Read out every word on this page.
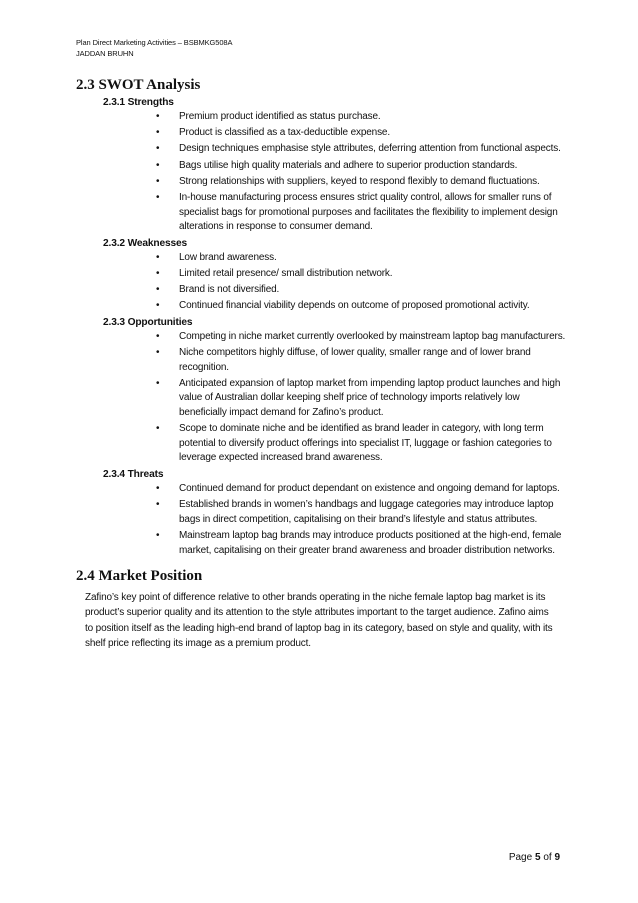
Plan Direct Marketing Activities – BSBMKG508A
JADDAN BRUHN
2.3 SWOT Analysis
2.3.1 Strengths
• Premium product identified as status purchase.
• Product is classified as a tax-deductible expense.
• Design techniques emphasise style attributes, deferring attention from functional aspects.
• Bags utilise high quality materials and adhere to superior production standards.
• Strong relationships with suppliers, keyed to respond flexibly to demand fluctuations.
• In-house manufacturing process ensures strict quality control, allows for smaller runs of specialist bags for promotional purposes and facilitates the flexibility to implement design alterations in response to consumer demand.
2.3.2 Weaknesses
• Low brand awareness.
• Limited retail presence/ small distribution network.
• Brand is not diversified.
• Continued financial viability depends on outcome of proposed promotional activity.
2.3.3 Opportunities
• Competing in niche market currently overlooked by mainstream laptop bag manufacturers.
• Niche competitors highly diffuse, of lower quality, smaller range and of lower brand recognition.
• Anticipated expansion of laptop market from impending laptop product launches and high value of Australian dollar keeping shelf price of technology imports relatively low beneficially impact demand for Zafino’s product.
• Scope to dominate niche and be identified as brand leader in category, with long term potential to diversify product offerings into specialist IT, luggage or fashion categories to leverage expected increased brand awareness.
2.3.4 Threats
• Continued demand for product dependant on existence and ongoing demand for laptops.
• Established brands in women’s handbags and luggage categories may introduce laptop bags in direct competition, capitalising on their brand’s lifestyle and status attributes.
• Mainstream laptop bag brands may introduce products positioned at the high-end, female market, capitalising on their greater brand awareness and broader distribution networks.
2.4 Market Position

Zafino’s key point of difference relative to other brands operating in the niche female laptop bag market is its product’s superior quality and its attention to the style attributes important to the target audience. Zafino aims to position itself as the leading high-end brand of laptop bag in its category, based on style and quality, with its shelf price reflecting its image as a premium product.

Page 5 of 9
